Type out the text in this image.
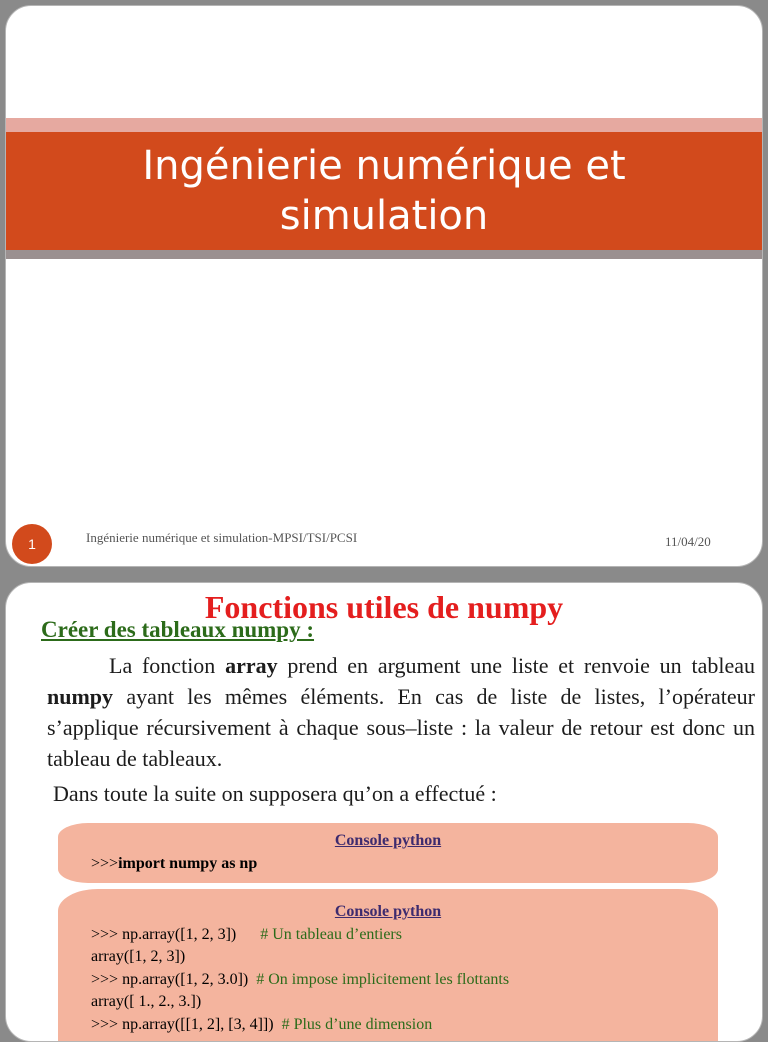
Ingénierie numérique et
simulation
1	Ingénierie numérique et simulation-MPSI/TSI/PCSI	11/04/20
Fonctions utiles de numpy
Créer des tableaux numpy :
La fonction array prend en argument une liste et renvoie un tableau numpy ayant les mêmes éléments. En cas de liste de listes, l’opérateur s’applique récursivement à chaque sous–liste : la valeur de retour est donc un tableau de tableaux.
Dans toute la suite on supposera qu’on a effectué :
Console python
>>>import numpy as np
Console python
>>> np.array([1, 2, 3])      # Un tableau d’entiers
array([1, 2, 3])
>>> np.array([1, 2, 3.0])  # On impose implicitement les flottants
array([ 1., 2., 3.])
>>> np.array([[1, 2], [3, 4]])  # Plus d’une dimension
